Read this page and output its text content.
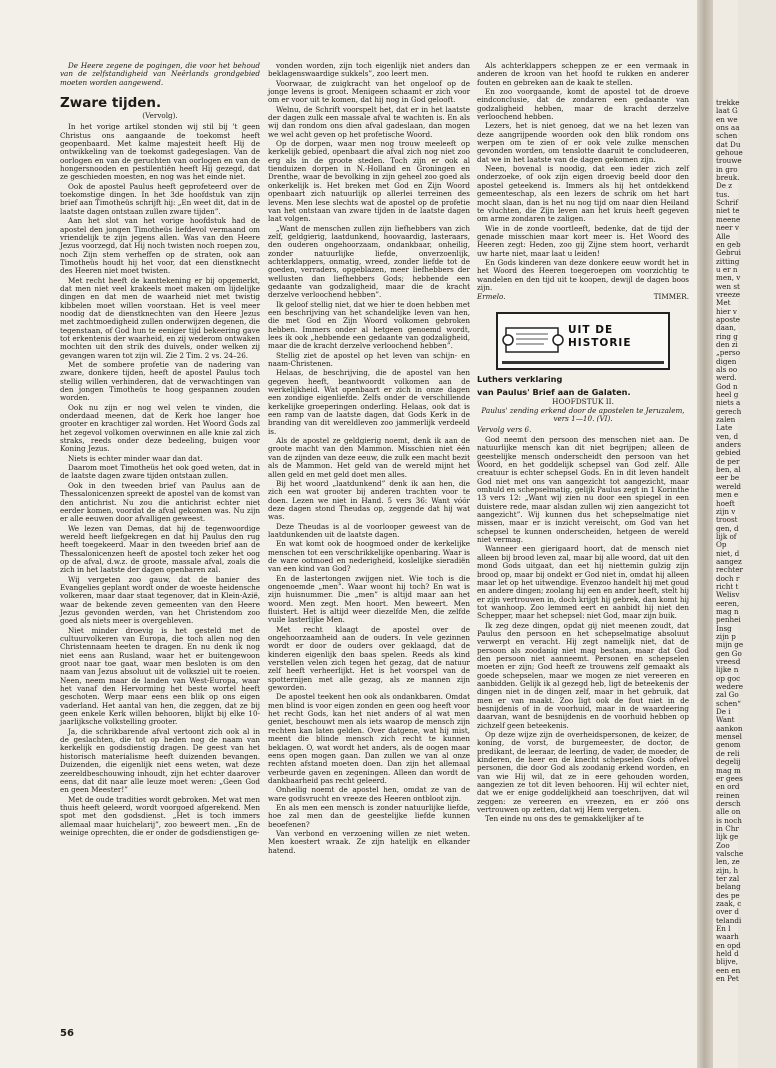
De Heere zegene de pogingen, die voor het behoud van de zelfstandigheid van Neêrlands grondgebied moeten worden aangewend.

Zware tijden.
(Vervolg).

In het vorige artikel stonden wij stil bij 't geen Christus ons aangaande de toekomst heeft geopenbaard. Met kalme majesteit heeft Hij de ontwikkeling van de toekomst gadegeslagen. Van de oorlogen en van de geruchten van oorlogen en van de hongersnooden en pestilentiën heeft Hij gezegd, dat ze geschieden moesten, en nog was het einde niet.

Ook de apostel Paulus heeft geprofeteerd over de toekomstige dingen. In het 3de hoofdstuk van zijn brief aan Timotheüs schrijft hij: „En weet dit, dat in de laatste dagen ontstaan zullen zware tijden”.

Aan het slot van het vorige hoofdstuk had de apostel den jongen Timotheüs liefdevol vermaand om vriendelijk te zijn jegens allen. Was van den Heere Jezus voorzegd, dat Hij noch twisten noch roepen zou, noch Zijn stem verheffen op de straten, ook aan Timotheüs houdt hij het voor, dat een dienstknecht des Heeren niet moet twisten.

Met recht heeft de kanttekening er bij opgemerkt, dat men niet veel krakeels moet maken om lijdelijke dingen en dat men de waarheid niet met twistig kibbelen moet willen voorstaan. Het is veel meer noodig dat de dienstknechten van den Heere Jezus met zachtmoedigheid zullen onderwijzen degenen, die tegenstaan, of God hun te eeniger tijd bekeering gave tot erkentenis der waarheid, en zij wederom ontwaken mochten uit den strik des duivels, onder welken zij gevangen waren tot zijn wil. Zie 2 Tim. 2 vs. 24–26.

Met de sombere profetie van de nadering van zware, donkere tijden, heeft de apostel Paulus toch stellig willen verhinderen, dat de verwachtingen van den jongen Timotheüs te hoog gespannen zouden worden.

Ook nu zijn er nog wel velen te vinden, die onderdaad meenen, dat de Kerk hoe langer hoe grooter en krachtiger zal worden. Het Woord Gods zal het zegevol volkomen overwinnen en alle knie zal zich straks, reeds onder deze bedeeling, buigen voor Koning Jezus.

Niets is echter minder waar dan dat.

Daarom moet Timotheüs het ook goed weten, dat in de laatste dagen zware tijden ontstaan zullen.

Ook in den tweeden brief van Paulus aan de Thessalonicenzen spreekt de apostel van de komst van den antichrist. Nu zou die antichrist echter niet eerder komen, voordat de afval gekomen was. Nu zijn er alle eeuwen door afvalligen geweest.

We lezen van Demas, dat hij de tegenwoordige wereld heeft liefgekregen en dat hij Paulus den rug heeft toegekeerd. Maar in den tweeden brief aan de Thessalonicenzen heeft de apostel toch zeker het oog op de afval, d.w.z. de groote, massale afval, zoals die zich in het laatste der dagen openbaren zal.

Wij vergeten zoo gauw, dat de banier des Evangelies geplant wordt onder de woeste heidensche volkeren, maar daar staat tegenover, dat in Klein-Azië, waar de bekende zeven gemeenten van den Heere Jezus gevonden werden, van het Christendom zoo goed als niets meer is overgebleven.

Niet minder droevig is het gesteld met de cultuurvolkeren van Europa, die toch allen nog den Christennaam heeten te dragen. En nu denk ik nog niet eens aan Rusland, waar het er buitengewoon groot naar toe gaat, waar men besloten is om den naam van Jezus absoluut uit de volksziel uit te roeien. Neen, neem maar de landen van West-Europa, waar het vanaf den Hervorming het beste wortel heeft geschoten. Werp maar eens een blik op ons eigen vaderland. Het aantal van hen, die zeggen, dat ze bij geen enkele Kerk willen behooren, blijkt bij elke 10-jaarlijksche volkstelling grooter.

Ja, die schrikbarende afval vertoont zich ook al in de geslachten, die tot op heden nog de naam van kerkelijk en godsdienstig dragen. De geest van het historisch materialisme heeft duizenden bevangen. Duizenden, die eigenlijk niet eens weten, wat deze zeereldbeschouwing inhoudt, zijn het echter daarover eens, dat dit naar alle leuze moet weren: „Geen God en geen Meester!”

Met de oude tradities wordt gebroken. Met wat men thuis heeft geleerd, wordt voorgoed afgerekend. Men spot met den godsdienst. „Het is toch immers allemaal maar huichelarij”, zoo beweert men. „En de weinige oprechten, die er onder de godsdienstigen ge-

vonden worden, zijn toch eigenlijk niet anders dan beklagenswaardige sukkels”, zoo leert men.

Voorwaar, de zuigkracht van het ongeloof op de jonge levens is groot. Menigeen schaamt er zich voor om er voor uit te komen, dat hij nog in God gelooft.

Welnu, de Schrift voorspelt het, dat er in het laatste der dagen zulk een massale afval te wachten is. En als wij dan rondom ons dien afval gadeslaan, dan mogen we wel acht geven op het profetische Woord.

Op de dorpen, waar men nog trouw meeleeft op kerkelijk gebied, openbaart die afval zich nog niet zoo erg als in de groote steden. Toch zijn er ook al tienduizen dorpen in N.-Holland en Groningen en Drenthe, waar de bevolking in zijn geheel zoo goed als onkerkelijk is. Het breken met God en Zijn Woord openbaart zich natuurlijk op allerlei terreinen des levens. Men lese slechts wat de apostel op de profetie van het ontstaan van zware tijden in de laatste dagen laat volgen.

„Want de menschen zullen zijn liefhebbers van zich zelf, geldgierig, laatdunkend, hoovaardig, lasteraars, den ouderen ongehoorzaam, ondankbaar, onheilig, zonder natuurlijke liefde, onverzoenlijk, achterklappers, onmatig, wreed, zonder liefde tot de goeden, verraders, opgeblazen, meer liefhebbers der wellusten dan liefhebbers Gods; hebbende een gedaante van godzaligheid, maar die de kracht derzelve verloochend hebben”.

Ik geloof stellig niet, dat we hier te doen hebben met een beschrijving van het schandelijke leven van hen, die met God en Zijn Woord volkomen gebroken hebben. Immers onder al hetgeen genoemd wordt, lees ik ook „hebbende een gedaante van godzaligheid, maar die de kracht derzelve verloochend hebben”.

Stellig ziet de apostel op het leven van schijn- en naam-Christenen.

Helaas, de beschrijving, die de apostel van hen gegeven heeft, beantwoordt volkomen aan de werkelijkheid. Wat openbaart er zich in onze dagen een zondige eigenliefde. Zelfs onder de verschillende kerkelijke groeperingen onderling. Helaas, ook dat is een ramp van de laatste dagen, dat Gods Kerk in de branding van dit wereldleven zoo jammerlijk verdeeld is.

Als de apostel ze geldgierig noemt, denk ik aan de groote macht van den Mammon. Misschien niet één van de zijnden van deze eeuw, die zulk een macht bezit als de Mammon. Het geld van de wereld mijnt het allen geld en met geld doet men alles.

Bij het woord „laatdunkend” denk ik aan hen, die zich een wat grooter bij anderen trachten voor te doen. Lezen we niet in Hand. 5 vers 36: Want vóór deze dagen stond Theudas op, zeggende dat hij wat was.

Deze Theudas is al de voorlooper geweest van de laatdunkenden uit de laatste dagen.

En wat komt ook de hoogmoed onder de kerkelijke menschen tot een verschrikkelijke openbaring. Waar is de ware ootmoed en nederigheid, koslelijke sieradiën van een kind van God?

En de lastertongen zwijgen niet. Wie toch is die ongenoemde „men”. Waar woont hij toch? En wat is zijn huisnummer. Die „men” is altijd maar aan het woord. Men zegt. Men hoort. Men beweert. Men fluistert. Het is altijd weer diezelfde Men, die zelfde vuile lasterlijke Men.

Met recht klaagt de apostel over de ongehoorzaamheid aan de ouders. In vele gezinnen wordt er door de ouders over geklaagd, dat de kinderen eigenlijk den baas spelen. Reeds als kind verstellen velen zich tegen het gezag, dat de natuur zelf heeft verheerlijkt. Het is het voorspel van de spotternijen met alle gezag, als ze mannen zijn geworden.

De apostel teekent hen ook als ondankbaren. Omdat men blind is voor eigen zonden en geen oog heeft voor het recht Gods, kan het niet anders of al wat men geniet, beschouwt men als iets waarop de mensch zijn rechten kan laten gelden. Over datgene, wat hij mist, meent die blinde mensch zich recht te kunnen beklagen. O, wat wordt het anders, als de oogen maar eens open mogen gaan. Dan zullen we van al onze rechten afstand moeten doen. Dan zijn het allemaal verbeurde gaven en zegeningen. Alleen dan wordt de dankbaarheid pas recht geleerd.

Onheilig noemt de apostel hen, omdat ze van de ware godsvrucht en vreeze des Heeren ontbloot zijn.

En als men een mensch is zonder natuurlijke liefde, hoe zal men dan de geestelijke liefde kunnen beoefenen?

Van verbond en verzoening willen ze niet weten. Men koestert wraak. Ze zijn hatelijk en elkander hatend.

Als achterklappers scheppen ze er een vermaak in anderen de kroon van het hoofd te rukken en anderer fouten en gebreken aan de kaak te stellen.

En zoo voorgaande, komt de apostel tot de droeve eindconclusie, dat de zondaren een gedaante van godzaligheid hebben, maar de kracht derzelve verloochend hebben.

Lezers, het is niet genoeg, dat we na het lezen van deze aangrijpende woorden ook den blik rondom ons werpen om te zien of er ook vele zulke menschen gevonden worden, om tenslotte daaruit te concludeeren, dat we in het laatste van de dagen gekomen zijn.

Neen, bovenal is noodig, dat een ieder zich zelf onderzoeke, of ook zijn eigen droevig beeld door den apostel geteekend is. Immers als hij het ontdekkend gemeenteschap, als een lezers de schrik om het hart mocht slaan, dan is het nu nog tijd om naar dien Heiland te vluchten, die Zijn leven aan het kruis heeft gegeven om arme zondaren te zaligen.

Wie in de zonde voortleeft, bedenke, dat de tijd der genade misschien maar kort meer is. Het Woord des Heeren zegt: Heden, zoo gij Zijne stem hoort, verhardt uw harte niet, maar laat u leiden!

En Gods kinderen van deze donkere eeuw wordt het in het Woord des Heeren toegeroepen om voorzichtig te wandelen en den tijd uit te koopen, dewijl de dagen boos zijn.

Ermelo.	TIMMER.
UIT DE
HISTORIE
Luthers verklaring
van Paulus' Brief aan de Galaten.
HOOFDSTUK II.
Paulus' zending erkend door de apostelen te Jeruzalem, vers 1—10. (VI).
Vervolg vers 6.

God neemt den persoon des menschen niet aan. De natuurlijke mensch kan dit niet begrijpen; alleen de geestelijke mensch onderscheidt den persoon van het Woord, en het goddelijk schepsel van God zelf. Alle creatuur is echter schepsel Gods. En in dit leven handelt God niet met ons van aangezicht tot aangezicht, maar omhuld en schepselmatig, gelijk Paulus zegt in 1 Korinthe 13 vers 12: „Want wij zien nu door een spiegel in een duistere rede, maar alsdan zullen wij zien aangezicht tot aangezicht”. Wij kunnen dus het schepselmatige niet missen, maar er is inzicht vereischt, om God van het schepsel te kunnen onderscheiden, hetgeen de wereld niet vermag.

Wanneer een gierigaard hoort, dat de mensch niet alleen bij brood leven zal, maar bij alle woord, dat uit den mond Gods uitgaat, dan eet hij niettemin gulzig zijn brood op, maar bij ondekt er God niet in, omdat hij alleen maar let op het uitwendige. Evenzoo handelt hij met goud en andere dingen; zoolang hij een en ander heeft, stelt hij er zijn vertrouwen in, doch krijgt hij gebrek, dan komt hij tot wanhoop. Zoo lemmed eert en aanbidt hij niet den Schepper, maar het schepsel: niet God, maar zijn buik.

Ik zeg deze dingen, opdat gij niet meenen zoudt, dat Paulus den persoon en het schepselmatige absoluut verwerpt en veracht. Hij zegt namelijk niet, dat de persoon als zoodanig niet mag bestaan, maar dat God den persoon niet aanneemt. Personen en schepselen moeten er zijn; God heeft ze trouwens zelf gemaakt als goede schepselen, maar we mogen ze niet vereeren en aanbidden. Gelijk ik al gezegd heb, ligt de beteekenis der dingen niet in de dingen zelf, maar in het gebruik, dat men er van maakt. Zoo ligt ook de fout niet in de besnijdenis of in de voorhuid, maar in de waardeering daarvan, want de besnijdenis en de voorhuid hebben op zichzelf geen beteekenis.

Op deze wijze zijn de overheidspersonen, de keizer, de koning, de vorst, de burgemeester, de doctor, de predikant, de leeraar, de leerling, de vader, de moeder, de kinderen, de heer en de knecht schepselen Gods ofwel personen, die door God als zoodanig erkend worden, en van wie Hij wil, dat ze in eere gehouden worden, aangezien ze tot dit leven behooren. Hij wil echter niet, dat we er enige goddelijkheid aan toeschrijven, dat wil zeggen: ze vereeren en vreezen, en er zóó ons vertrouwen op zetten, dat wij Hem vergeten.

Ten einde nu ons des te gemakkelijker af te

56
trekke
laat G
en we
ons aa
schen
dat Du
gehoue
trouwe
in gro
breuk.
De z
tus.
Schrif
niet te
meene
neer v
Alle
en geb
Gebrui
zitting
u er n
men, v
wen st
vreeze
Met
hier v
aposte
daan,
ring g
den zi
„perso
digen
als oo
werd.
God n
heel g
niets a
gerech
zalen
Late
ven, d
anders
gebied
de per
ben, al
eer be
wereld
men e
hoeft
zijn v
troost
gen, d
lijk of
Op
niet, d
aangez
rechter
doch r
richt t
Welisv
eeren,
mag n
penhei
Insg
zijn p
mijn ge
gen Go
vreesd
lijke n
op goc
wedere
zal Go
schen“
De i
Want
aankon
mensel
genom
de reli
degelij
mag m
er gees
en ord
reinen
dersch
alle on
is noch
in Chr
lijk ge
Zoo
valsche
len, ze
zijn, h
ter zal
belang
des pe
zaak, c
over d
telandi
En l
waarh
en opd
held d
blijve,
een en
en Pet
